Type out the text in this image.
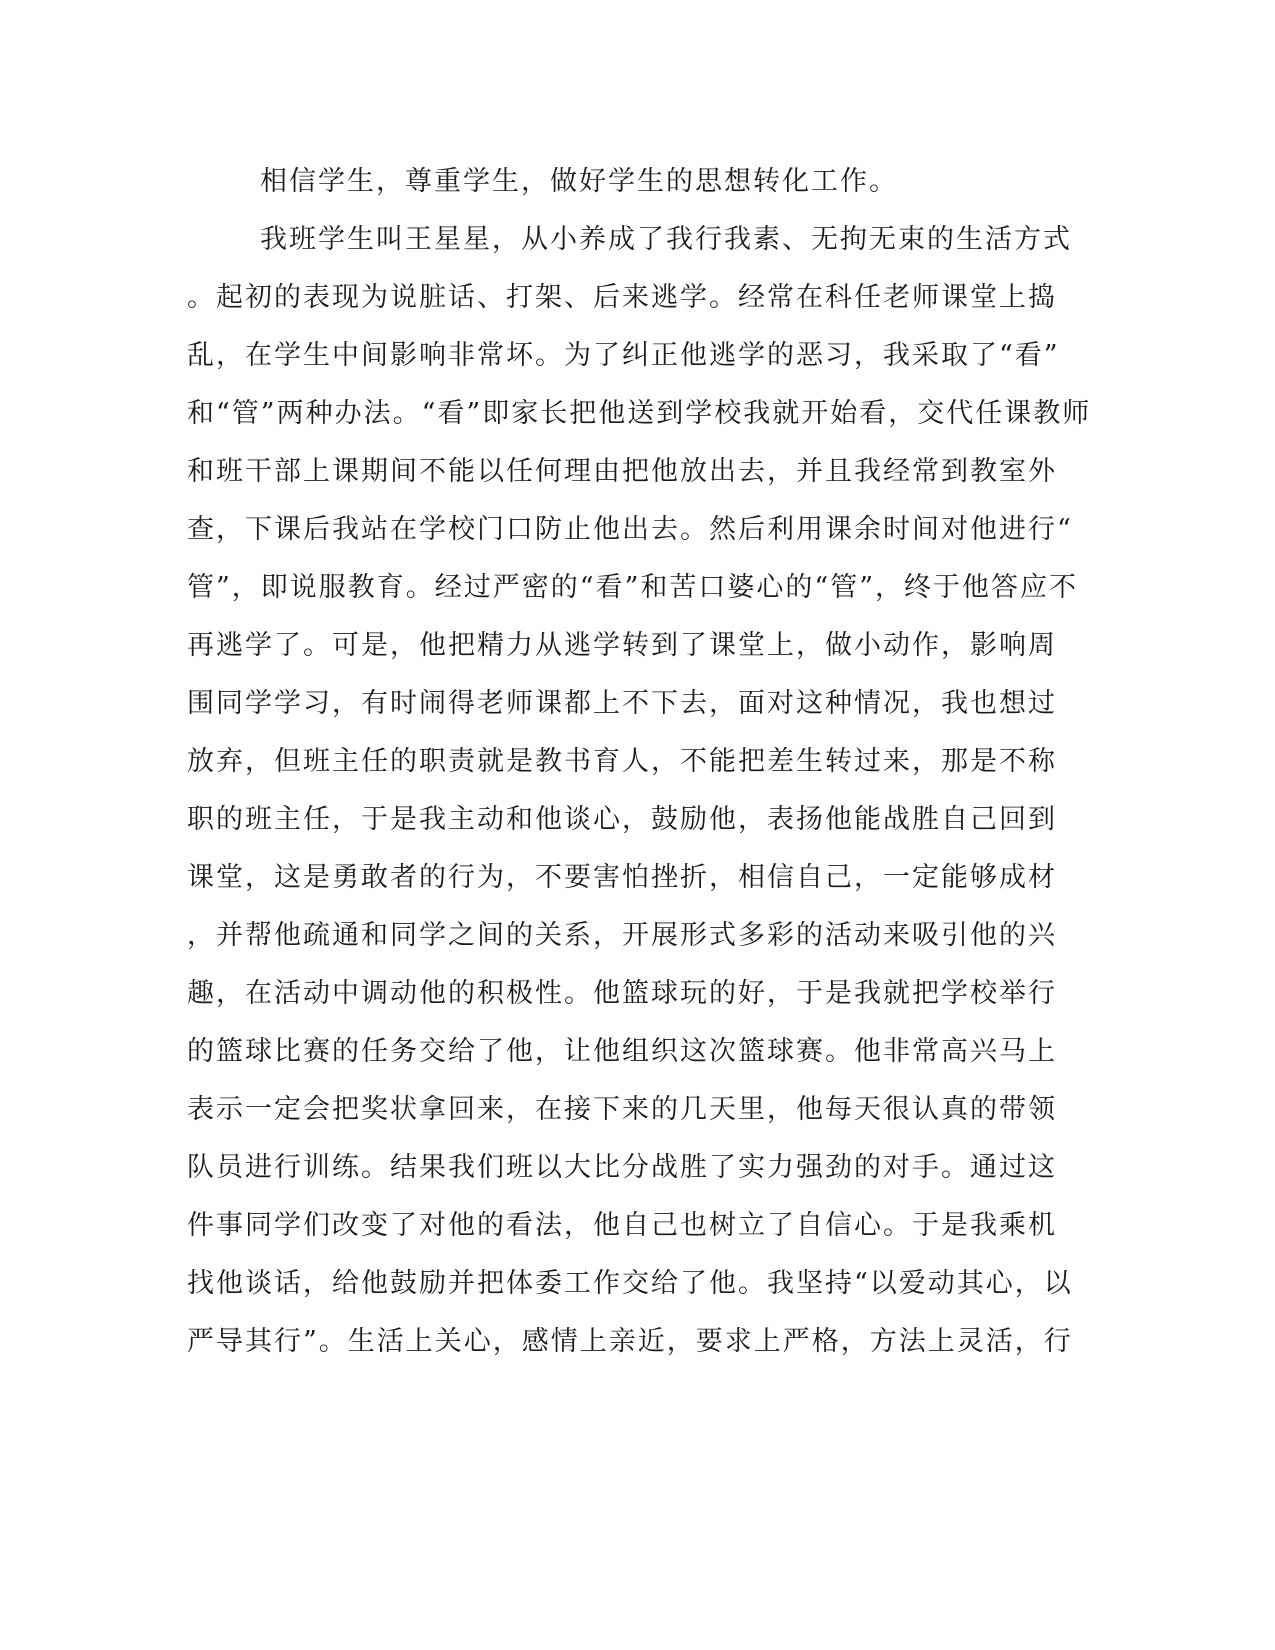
相信学生，尊重学生，做好学生的思想转化工作。
我班学生叫王星星，从小养成了我行我素、无拘无束的生活方式
。起初的表现为说脏话、打架、后来逃学。经常在科任老师课堂上捣
乱，在学生中间影响非常坏。为了纠正他逃学的恶习，我采取了“看”
和“管”两种办法。“看”即家长把他送到学校我就开始看，交代任课教师
和班干部上课期间不能以任何理由把他放出去，并且我经常到教室外
查，下课后我站在学校门口防止他出去。然后利用课余时间对他进行“
管”，即说服教育。经过严密的“看”和苦口婆心的“管”，终于他答应不
再逃学了。可是，他把精力从逃学转到了课堂上，做小动作，影响周
围同学学习，有时闹得老师课都上不下去，面对这种情况，我也想过
放弃，但班主任的职责就是教书育人，不能把差生转过来，那是不称
职的班主任，于是我主动和他谈心，鼓励他，表扬他能战胜自己回到
课堂，这是勇敢者的行为，不要害怕挫折，相信自己，一定能够成材
，并帮他疏通和同学之间的关系，开展形式多彩的活动来吸引他的兴
趣，在活动中调动他的积极性。他篮球玩的好，于是我就把学校举行
的篮球比赛的任务交给了他，让他组织这次篮球赛。他非常高兴马上
表示一定会把奖状拿回来，在接下来的几天里，他每天很认真的带领
队员进行训练。结果我们班以大比分战胜了实力强劲的对手。通过这
件事同学们改变了对他的看法，他自己也树立了自信心。于是我乘机
找他谈话，给他鼓励并把体委工作交给了他。我坚持“以爱动其心，以
严导其行”。生活上关心，感情上亲近，要求上严格，方法上灵活，行
